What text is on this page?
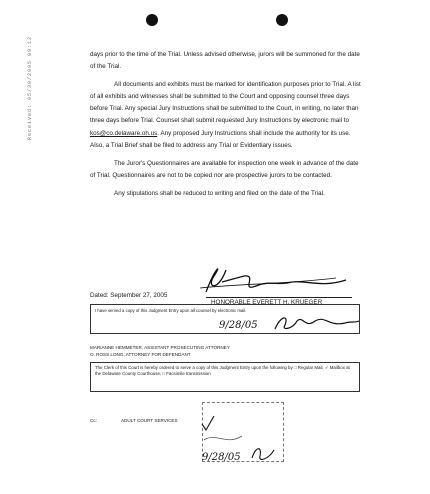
Received: 05/30/2005 09:12	days prior to the time of the Trial. Unless advised otherwise, jurors will be summoned for the date of the Trial.

All documents and exhibits must be marked for identification purposes prior to Trial. A list of all exhibits and witnesses shall be submitted to the Court and opposing counsel three days before Trial. Any special Jury Instructions shall be submitted to the Court, in writing, no later than three days before Trial. Counsel shall submit requested Jury Instructions by electronic mail to kos@co.delaware.oh.us. Any proposed Jury Instructions shall include the authority for its use. Also, a Trial Brief shall be filed to address any Trial or Evidentiary issues.

The Juror's Questionnaires are available for inspection one week in advance of the date of Trial. Questionnaires are not to be copied nor are prospective jurors to be contacted.

Any stipulations shall be reduced to writing and filed on the date of the Trial.

Dated: September 27, 2005
HONORABLE EVERETT H. KRUEGER
I have served a copy of this Judgment Entry upon all counsel by electronic mail.
9/28/05
MARIANNE HEMMETER, ASSISTANT PROSECUTING ATTORNEY
O. ROSS LONG, ATTORNEY FOR DEFENDANT
The Clerk of this Court is hereby ordered to serve a copy of this Judgment Entry upon the following by □ Regular Mail, ✓ Mailbox at the Delaware County Courthouse, □ Facsimile transmission
Cc:	ADULT COURT SERVICES
9/28/05
